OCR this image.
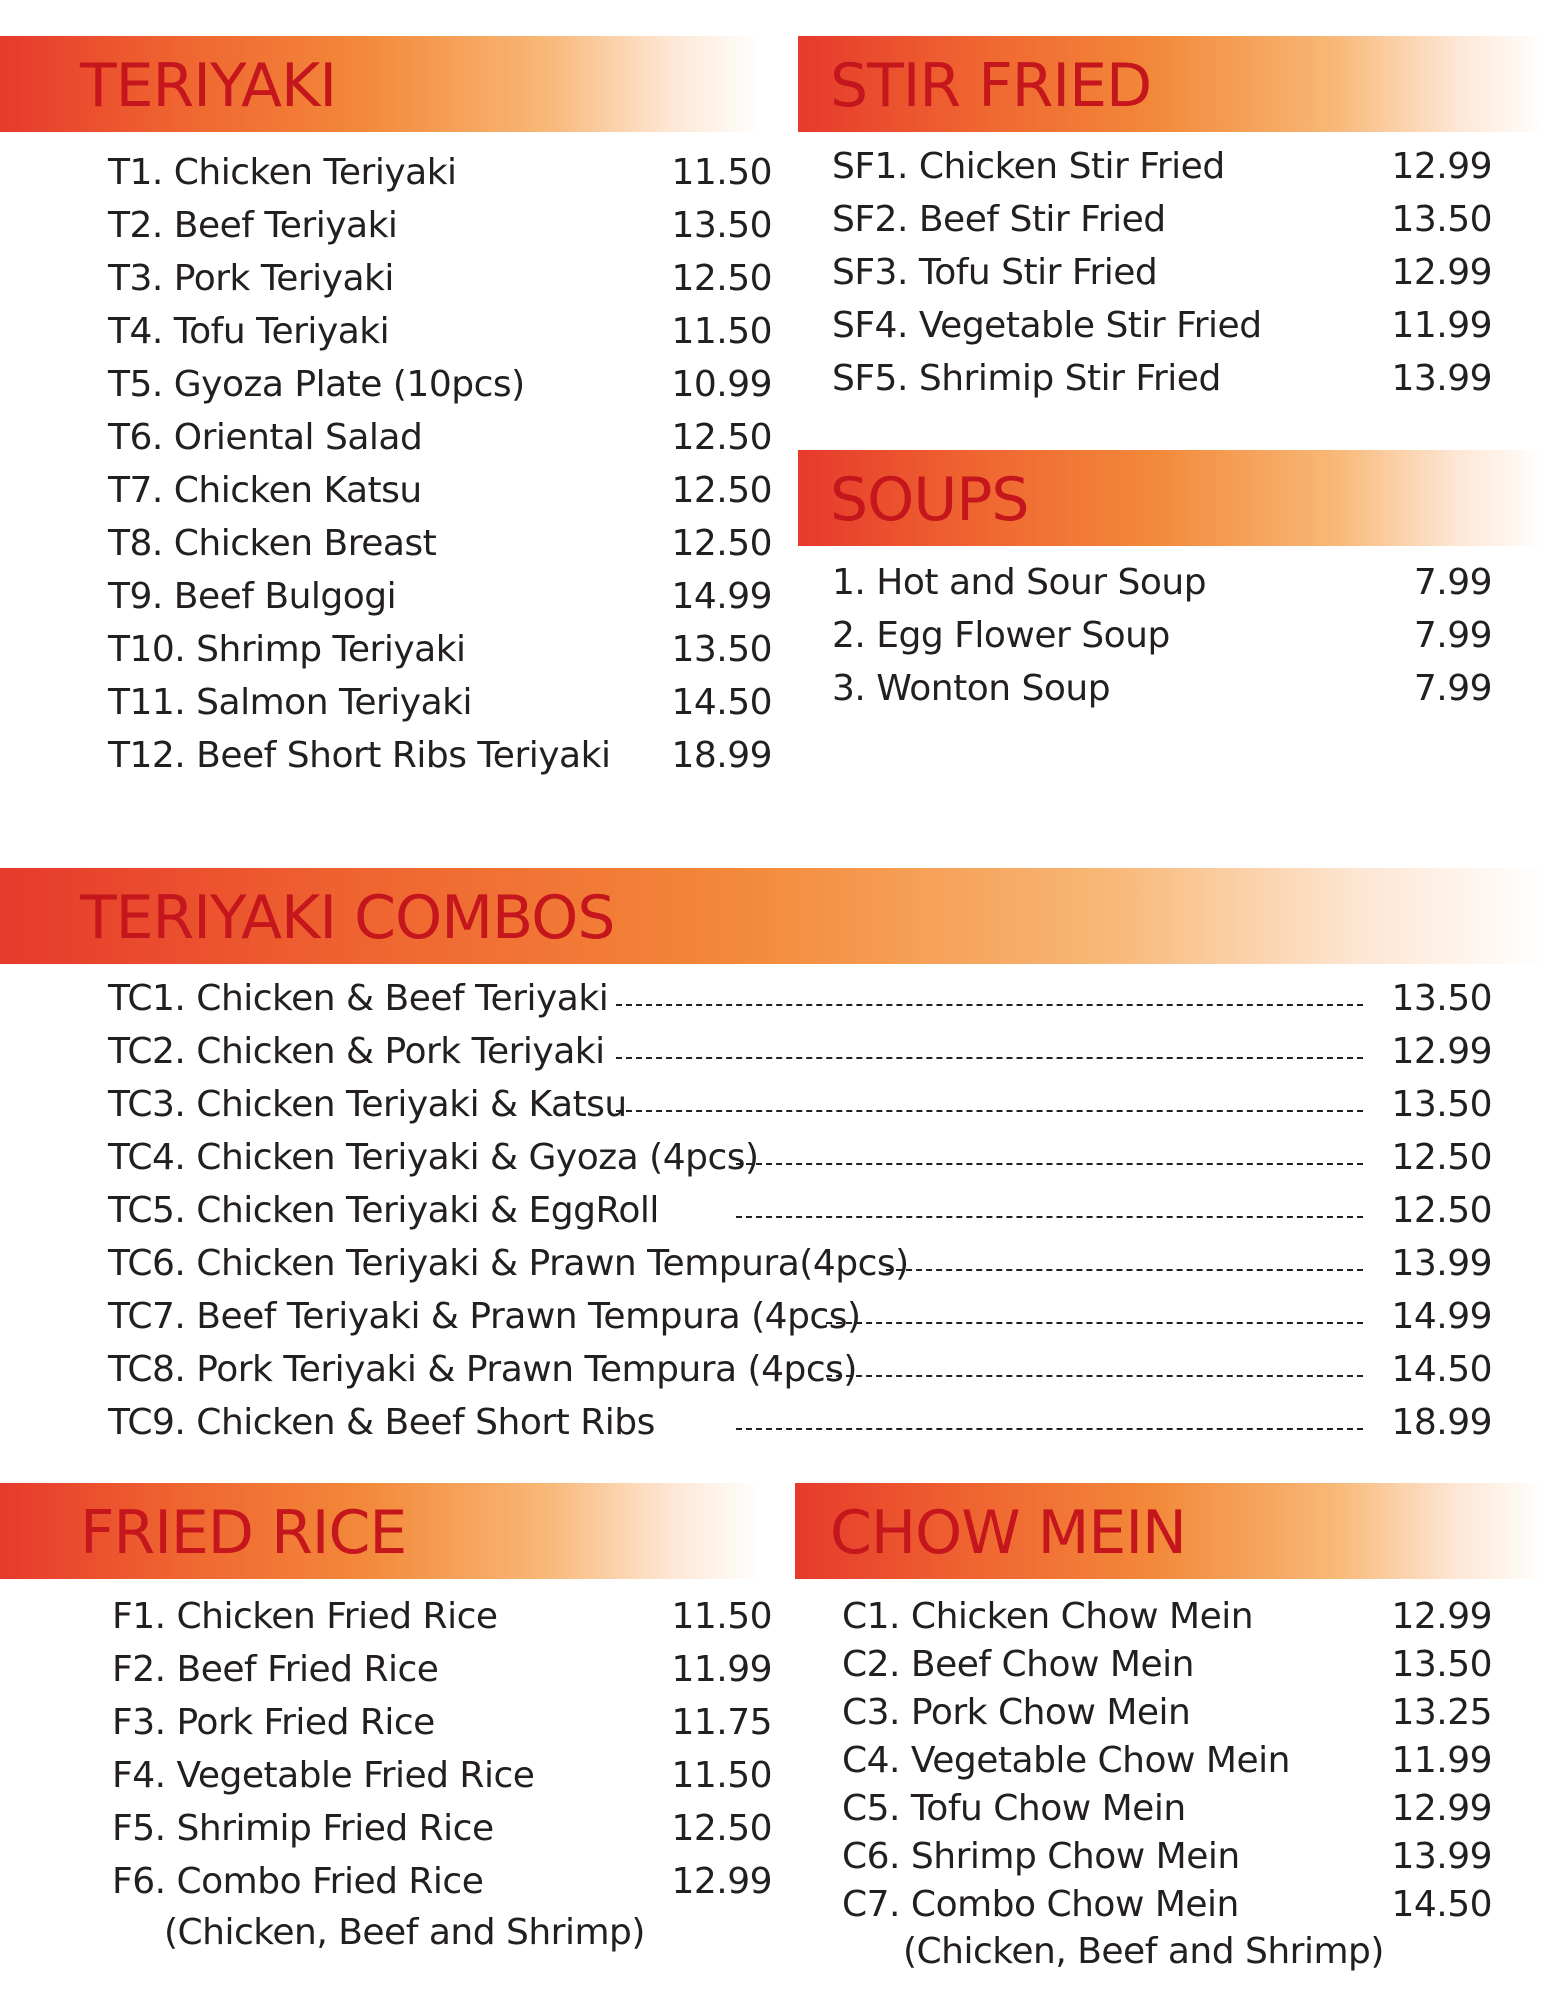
TERIYAKI
T1. Chicken Teriyaki	11.50
T2. Beef Teriyaki	13.50
T3. Pork Teriyaki	12.50
T4. Tofu Teriyaki	11.50
T5. Gyoza Plate (10pcs)	10.99
T6. Oriental Salad	12.50
T7. Chicken Katsu	12.50
T8. Chicken Breast	12.50
T9. Beef Bulgogi	14.99
T10. Shrimp Teriyaki	13.50
T11. Salmon Teriyaki	14.50
T12. Beef Short Ribs Teriyaki 18.99
STIR FRIED
SF1. Chicken Stir Fried	12.99
SF2. Beef Stir Fried	13.50
SF3. Tofu Stir Fried	12.99
SF4. Vegetable Stir Fried	11.99
SF5. Shrimip Stir Fried	13.99
SOUPS
1. Hot and Sour Soup	7.99
2. Egg Flower Soup	7.99
3. Wonton Soup	7.99
TERIYAKI COMBOS
TC1. Chicken & Beef Teriyaki	13.50
TC2. Chicken & Pork Teriyaki	12.99
TC3. Chicken Teriyaki & Katsu	13.50
TC4. Chicken Teriyaki & Gyoza (4pcs)	12.50
TC5. Chicken Teriyaki & EggRoll	12.50
TC6. Chicken Teriyaki & Prawn Tempura(4pcs)	13.99
TC7. Beef Teriyaki & Prawn Tempura (4pcs)	14.99
TC8. Pork Teriyaki & Prawn Tempura (4pcs)	14.50
TC9. Chicken & Beef Short Ribs	18.99
FRIED RICE
F1. Chicken Fried Rice	11.50
F2. Beef Fried Rice	11.99
F3. Pork Fried Rice	11.75
F4. Vegetable Fried Rice	11.50
F5. Shrimip Fried Rice	12.50
F6. Combo Fried Rice	12.99
(Chicken, Beef and Shrimp)
CHOW MEIN
C1. Chicken Chow Mein	12.99
C2. Beef Chow Mein	13.50
C3. Pork Chow Mein	13.25
C4. Vegetable Chow Mein	11.99
C5. Tofu Chow Mein	12.99
C6. Shrimp Chow Mein	13.99
C7. Combo Chow Mein	14.50
(Chicken, Beef and Shrimp)
